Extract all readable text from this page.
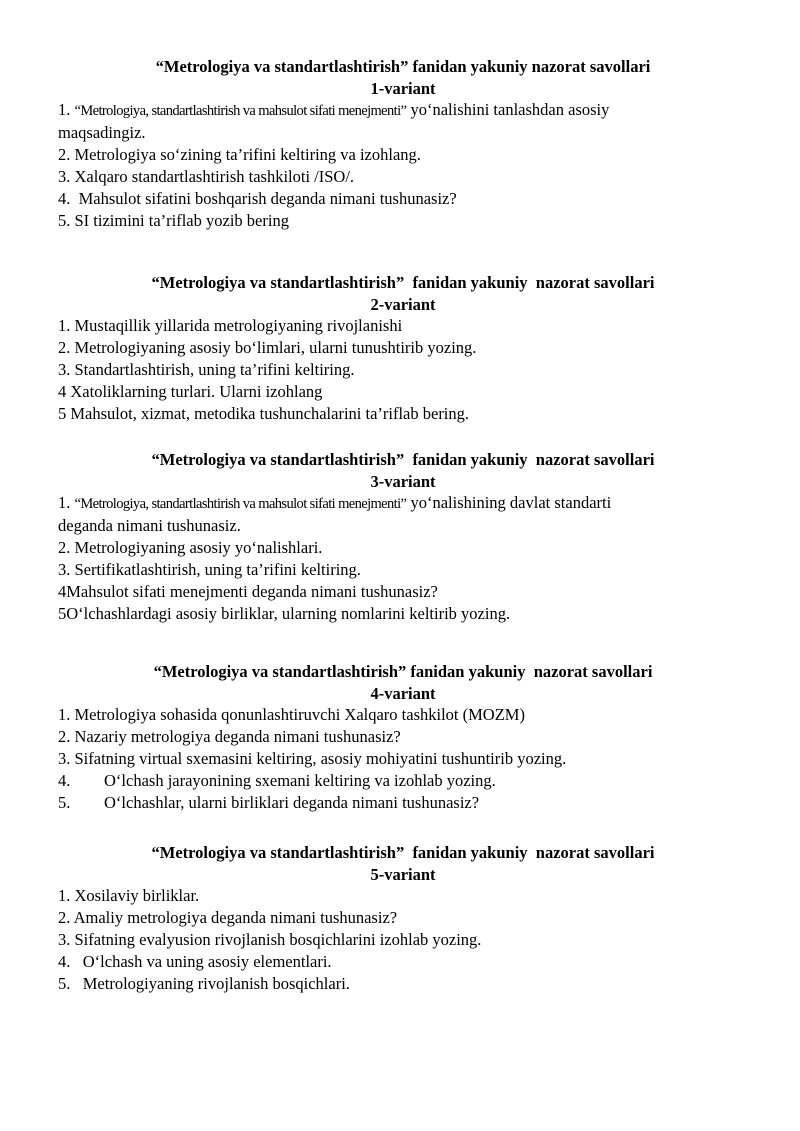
“Metrologiya va standartlashtirish” fanidan yakuniy nazorat savollari

1-variant

1. “Metrologiya, standartlashtirish va mahsulot sifati menejmenti” yo‘nalishini tanlashdan asosiy

maqsadingiz.

2. Metrologiya so‘zining ta’rifini keltiring va izohlang.

3. Xalqaro standartlashtirish tashkiloti /ISO/.

4.  Mahsulot sifatini boshqarish deganda nimani tushunasiz?

5. SI tizimini ta’riflab yozib bering

“Metrologiya va standartlashtirish”  fanidan yakuniy  nazorat savollari

2-variant

1. Mustaqillik yillarida metrologiyaning rivojlanishi

2. Metrologiyaning asosiy bo‘limlari, ularni tunushtirib yozing.

3. Standartlashtirish, uning ta’rifini keltiring.

4 Xatoliklarning turlari. Ularni izohlang

5 Mahsulot, xizmat, metodika tushunchalarini ta’riflab bering.

“Metrologiya va standartlashtirish”  fanidan yakuniy  nazorat savollari

3-variant

1. “Metrologiya, standartlashtirish va mahsulot sifati menejmenti” yo‘nalishining davlat standarti

deganda nimani tushunasiz.

2. Metrologiyaning asosiy yo‘nalishlari.

3. Sertifikatlashtirish, uning ta’rifini keltiring.

4Mahsulot sifati menejmenti deganda nimani tushunasiz?

5O‘lchashlardagi asosiy birliklar, ularning nomlarini keltirib yozing.

“Metrologiya va standartlashtirish” fanidan yakuniy  nazorat savollari

4-variant

1. Metrologiya sohasida qonunlashtiruvchi Xalqaro tashkilot (MOZM)

2. Nazariy metrologiya deganda nimani tushunasiz?

3. Sifatning virtual sxemasini keltiring, asosiy mohiyatini tushuntirib yozing.

4. O‘lchash jarayonining sxemani keltiring va izohlab yozing.

5. O‘lchashlar, ularni birliklari deganda nimani tushunasiz?

“Metrologiya va standartlashtirish”  fanidan yakuniy  nazorat savollari

5-variant

1. Xosilaviy birliklar.

2. Amaliy metrologiya deganda nimani tushunasiz?

3. Sifatning evalyusion rivojlanish bosqichlarini izohlab yozing.

4.   O‘lchash va uning asosiy elementlari.

5.   Metrologiyaning rivojlanish bosqichlari.
